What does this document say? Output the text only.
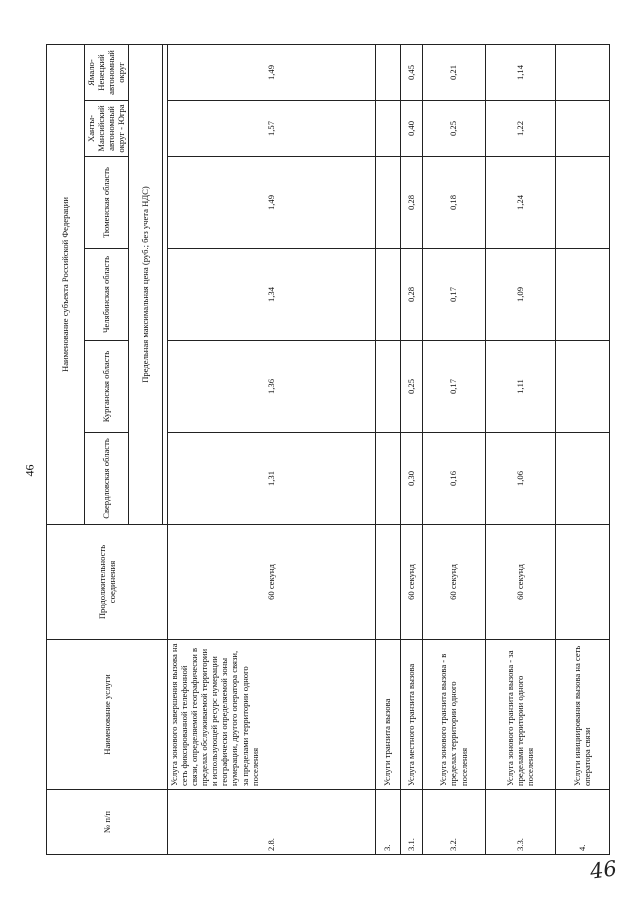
46
№ п/п	Наименование услуги	Продолжительность соединения	Наименование субъекта Российской Федерации					
			Свердловская область	Курганская область	Челябинская область	Тюменская область	Ханты-Мансийский автономный округ - Югра	Ямало-Ненецкий автономный округ
			Предельная максимальная цена (руб.; без учета НДС)					

2.8.	Услуга зонового завершения вызова на сеть фиксированной телефонной связи, определяемой географически в пределах обслуживаемой территории и использующей ресурс нумерации географически определяемой зоны нумерации, другого оператора связи, за пределами территории одного поселения	60 секунд	1,31	1,36	1,34	1,49	1,57	1,49
3.	Услуги транзита вызова							
3.1.	Услуга местного транзита вызова	60 секунд	0,30	0,25	0,28	0,28	0,40	0,45
3.2.	Услуга зонового транзита вызова - в пределах территории одного поселения	60 секунд	0,16	0,17	0,17	0,18	0,25	0,21
3.3.	Услуга зонового транзита вызова - за пределами территории одного поселения	60 секунд	1,06	1,11	1,09	1,24	1,22	1,14
4.	Услуги инициирования вызова на сеть оператора связи							
46
